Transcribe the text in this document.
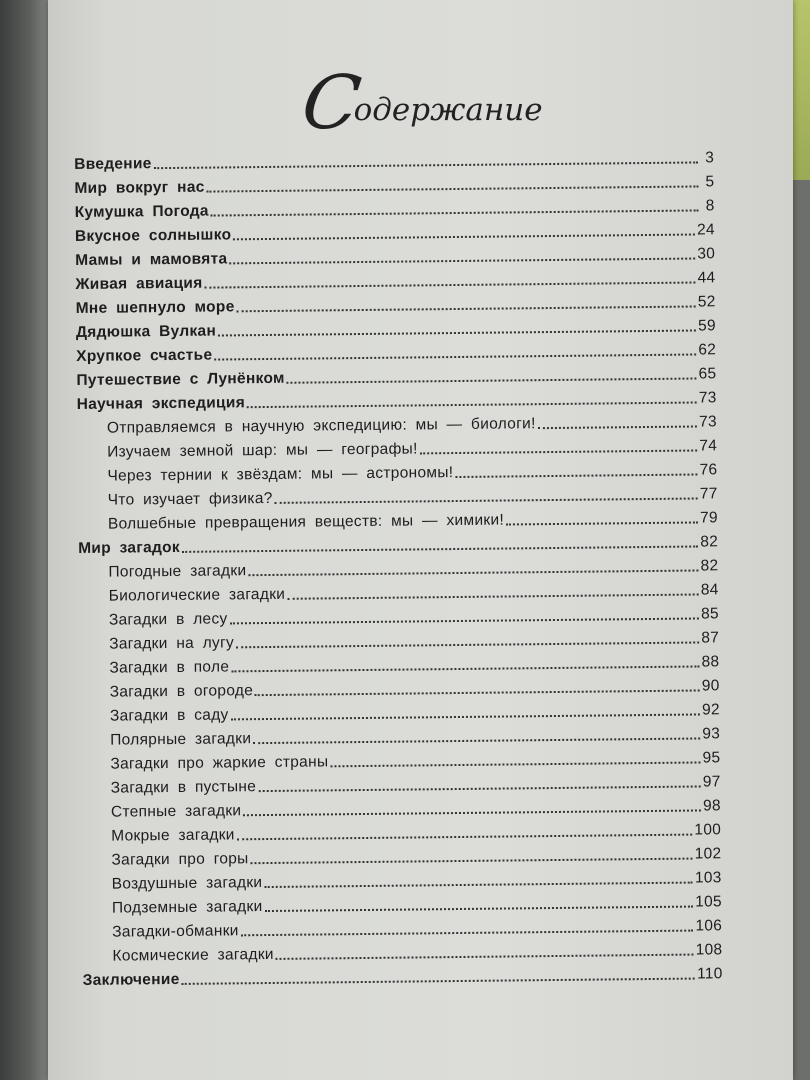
С
одержание
Введение	3
Мир вокруг нас	5
Кумушка Погода	8
Вкусное солнышко	24
Мамы и мамовята	30
Живая авиация	44
Мне шепнуло море	52
Дядюшка Вулкан	59
Хрупкое счастье	62
Путешествие с Лунёнком	65
Научная экспедиция	73
Отправляемся в научную экспедицию: мы — биологи!	73
Изучаем земной шар: мы — географы!	74
Через тернии к звёздам: мы — астрономы!	76
Что изучает физика?	77
Волшебные превращения веществ: мы — химики!	79
Мир загадок	82
Погодные загадки	82
Биологические загадки	84
Загадки в лесу	85
Загадки на лугу	87
Загадки в поле	88
Загадки в огороде	90
Загадки в саду	92
Полярные загадки	93
Загадки про жаркие страны	95
Загадки в пустыне	97
Степные загадки	98
Мокрые загадки	100
Загадки про горы	102
Воздушные загадки	103
Подземные загадки	105
Загадки-обманки	106
Космические загадки	108
Заключение	110
